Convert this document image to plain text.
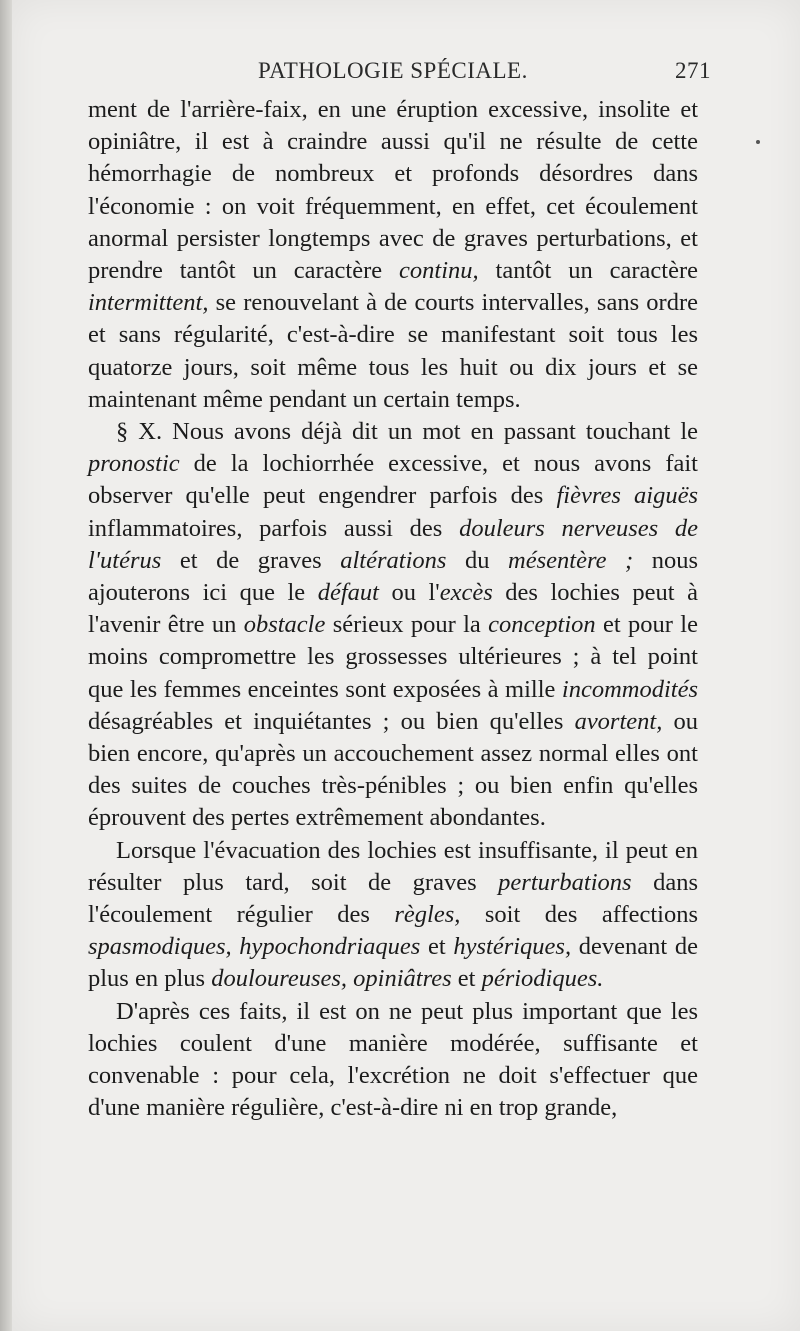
PATHOLOGIE SPÉCIALE.	271

ment de l'arrière-faix, en une éruption excessive, insolite et opiniâtre, il est à craindre aussi qu'il ne résulte de cette hémorrhagie de nombreux et profonds désordres dans l'économie : on voit fréquemment, en effet, cet écoulement anormal persister longtemps avec de graves perturbations, et prendre tantôt un caractère continu, tantôt un caractère intermittent, se renouvelant à de courts intervalles, sans ordre et sans régularité, c'est-à-dire se manifestant soit tous les quatorze jours, soit même tous les huit ou dix jours et se maintenant même pendant un certain temps.

§ X. Nous avons déjà dit un mot en passant touchant le pronostic de la lochiorrhée excessive, et nous avons fait observer qu'elle peut engendrer parfois des fièvres aiguës inflammatoires, parfois aussi des douleurs nerveuses de l'utérus et de graves altérations du mésentère ; nous ajouterons ici que le défaut ou l'excès des lochies peut à l'avenir être un obstacle sérieux pour la conception et pour le moins compromettre les grossesses ultérieures ; à tel point que les femmes enceintes sont exposées à mille incommodités désagréables et inquiétantes ; ou bien qu'elles avortent, ou bien encore, qu'après un accouchement assez normal elles ont des suites de couches très-pénibles ; ou bien enfin qu'elles éprouvent des pertes extrêmement abondantes.

Lorsque l'évacuation des lochies est insuffisante, il peut en résulter plus tard, soit de graves perturbations dans l'écoulement régulier des règles, soit des affections spasmodiques, hypochondriaques et hystériques, devenant de plus en plus douloureuses, opiniâtres et périodiques.

D'après ces faits, il est on ne peut plus important que les lochies coulent d'une manière modérée, suffisante et convenable : pour cela, l'excrétion ne doit s'effectuer que d'une manière régulière, c'est-à-dire ni en trop grande,
